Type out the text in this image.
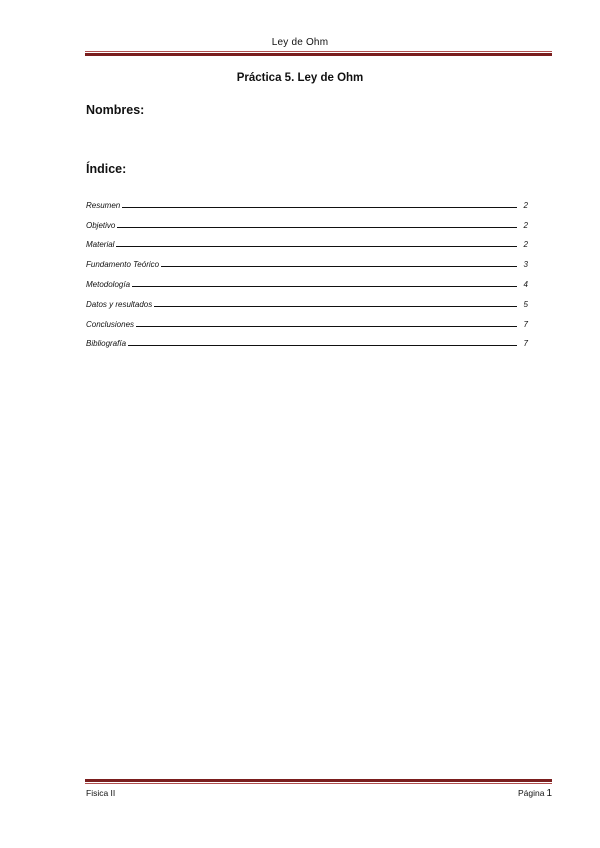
Ley de Ohm
Práctica 5. Ley de Ohm
Nombres:
Índice:
Resumen	2
Objetivo	2
Material	2
Fundamento Teórico	3
Metodología	4
Datos y resultados	5
Conclusiones	7
Bibliografía	7
Fisica II	Página 1
